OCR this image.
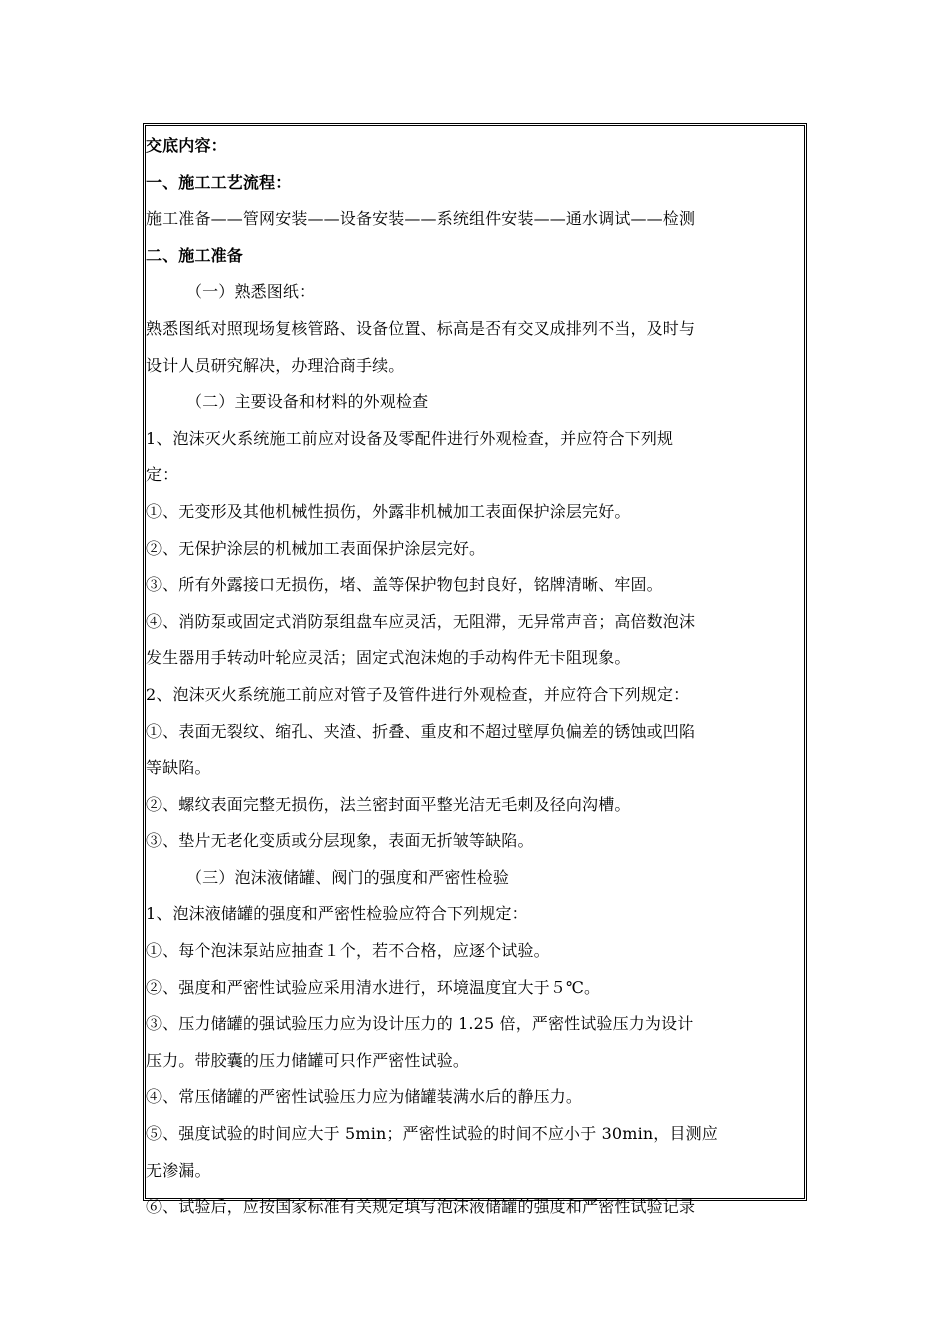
交底内容：
一、施工工艺流程：
施工准备——管网安装——设备安装——系统组件安装——通水调试——检测
二、施工准备
（一）熟悉图纸：
熟悉图纸对照现场复核管路、设备位置、标高是否有交叉成排列不当，及时与
设计人员研究解决，办理洽商手续。
（二）主要设备和材料的外观检查
1、泡沫灭火系统施工前应对设备及零配件进行外观检查，并应符合下列规
定：
①、无变形及其他机械性损伤，外露非机械加工表面保护涂层完好。
②、无保护涂层的机械加工表面保护涂层完好。
③、所有外露接口无损伤，堵、盖等保护物包封良好，铭牌清晰、牢固。
④、消防泵或固定式消防泵组盘车应灵活，无阻滞，无异常声音；高倍数泡沫
发生器用手转动叶轮应灵活；固定式泡沫炮的手动构件无卡阻现象。
2、泡沫灭火系统施工前应对管子及管件进行外观检查，并应符合下列规定：
①、表面无裂纹、缩孔、夹渣、折叠、重皮和不超过壁厚负偏差的锈蚀或凹陷
等缺陷。
②、螺纹表面完整无损伤，法兰密封面平整光洁无毛刺及径向沟槽。
③、垫片无老化变质或分层现象，表面无折皱等缺陷。
（三）泡沫液储罐、阀门的强度和严密性检验
1、泡沫液储罐的强度和严密性检验应符合下列规定：
①、每个泡沫泵站应抽查１个，若不合格，应逐个试验。
②、强度和严密性试验应采用清水进行，环境温度宜大于５℃。
③、压力储罐的强试验压力应为设计压力的 1.25 倍，严密性试验压力为设计
压力。带胶囊的压力储罐可只作严密性试验。
④、常压储罐的严密性试验压力应为储罐装满水后的静压力。
⑤、强度试验的时间应大于 5min；严密性试验的时间不应小于 30min，目测应
无渗漏。
⑥、试验后，应按国家标准有关规定填写泡沫液储罐的强度和严密性试验记录
